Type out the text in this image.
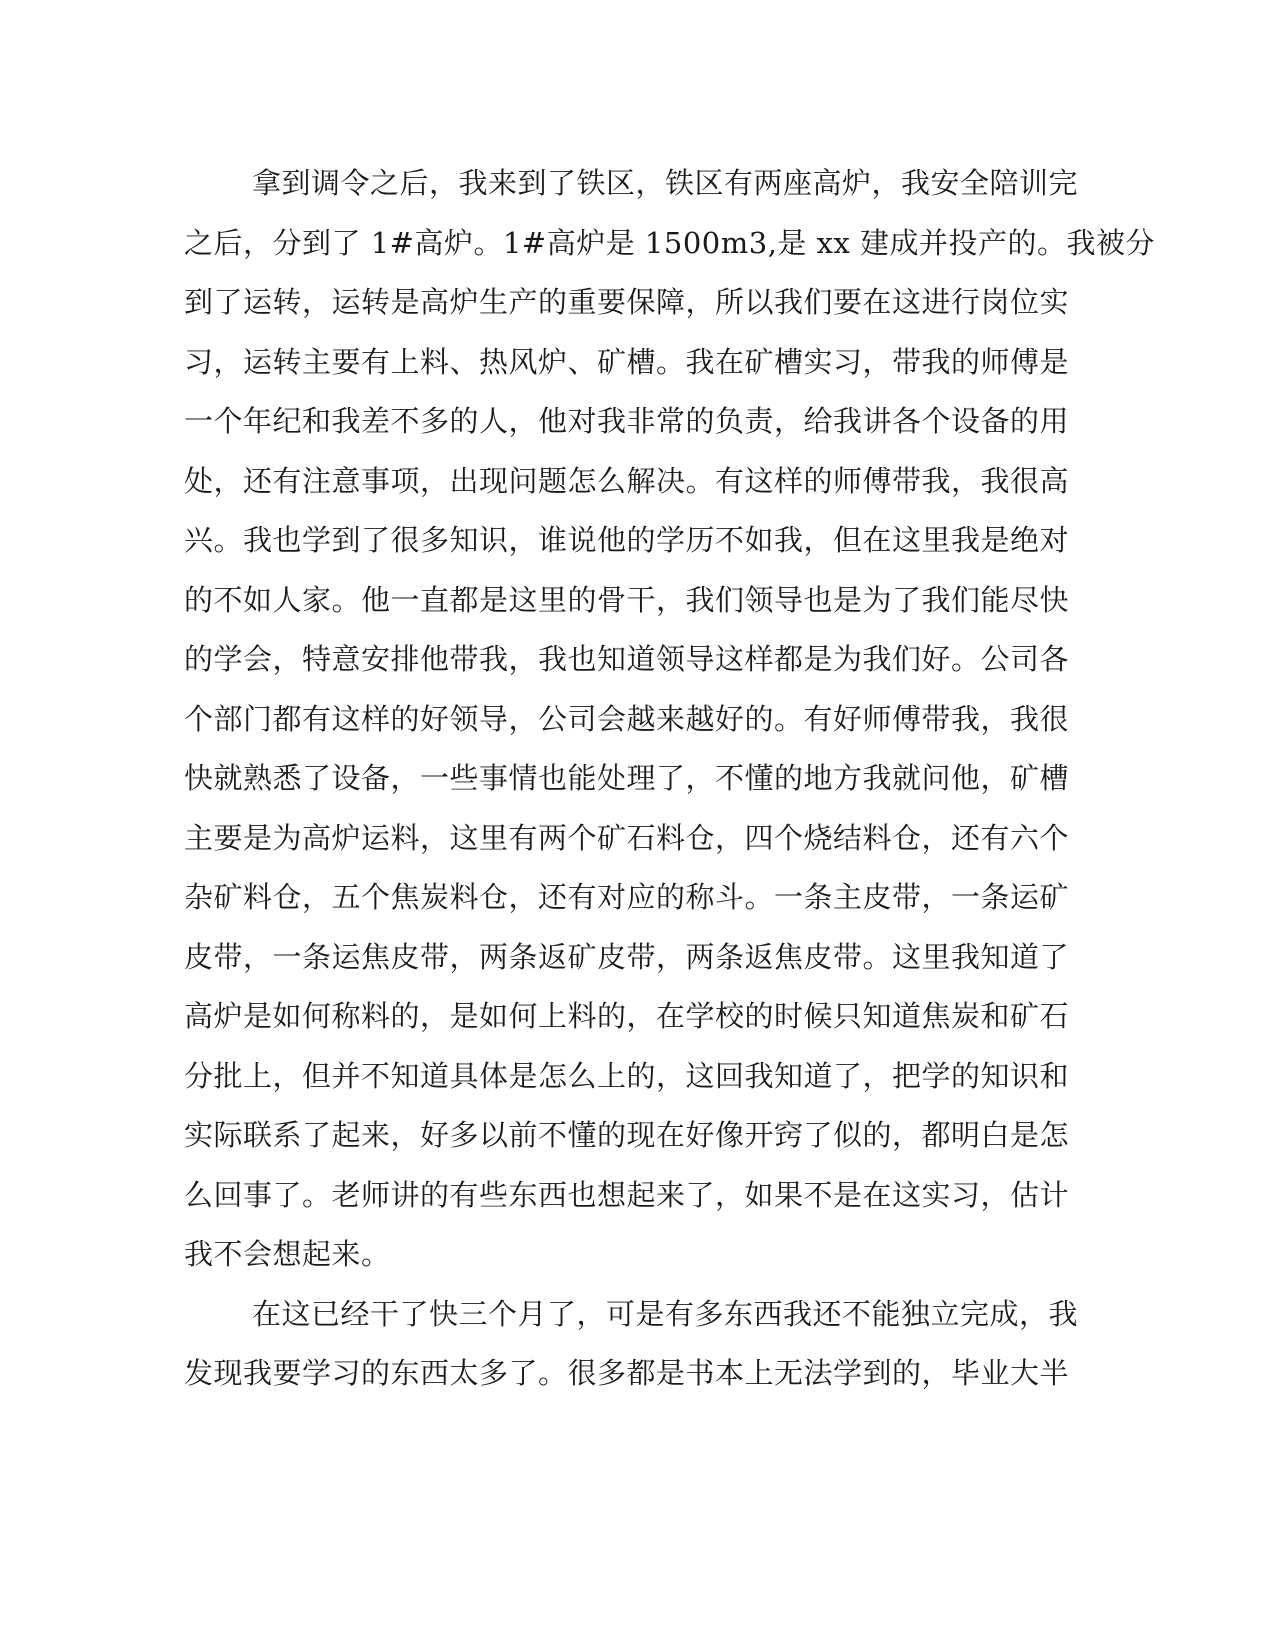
拿到调令之后，我来到了铁区，铁区有两座高炉，我安全陪训完
之后，分到了 1#高炉。1#高炉是 1500m3,是 xx 建成并投产的。我被分
到了运转，运转是高炉生产的重要保障，所以我们要在这进行岗位实
习，运转主要有上料、热风炉、矿槽。我在矿槽实习，带我的师傅是
一个年纪和我差不多的人，他对我非常的负责，给我讲各个设备的用
处，还有注意事项，出现问题怎么解决。有这样的师傅带我，我很高
兴。我也学到了很多知识，谁说他的学历不如我，但在这里我是绝对
的不如人家。他一直都是这里的骨干，我们领导也是为了我们能尽快
的学会，特意安排他带我，我也知道领导这样都是为我们好。公司各
个部门都有这样的好领导，公司会越来越好的。有好师傅带我，我很
快就熟悉了设备，一些事情也能处理了，不懂的地方我就问他，矿槽
主要是为高炉运料，这里有两个矿石料仓，四个烧结料仓，还有六个
杂矿料仓，五个焦炭料仓，还有对应的称斗。一条主皮带，一条运矿
皮带，一条运焦皮带，两条返矿皮带，两条返焦皮带。这里我知道了
高炉是如何称料的，是如何上料的，在学校的时候只知道焦炭和矿石
分批上，但并不知道具体是怎么上的，这回我知道了，把学的知识和
实际联系了起来，好多以前不懂的现在好像开窍了似的，都明白是怎
么回事了。老师讲的有些东西也想起来了，如果不是在这实习，估计
我不会想起来。
在这已经干了快三个月了，可是有多东西我还不能独立完成，我
发现我要学习的东西太多了。很多都是书本上无法学到的，毕业大半
